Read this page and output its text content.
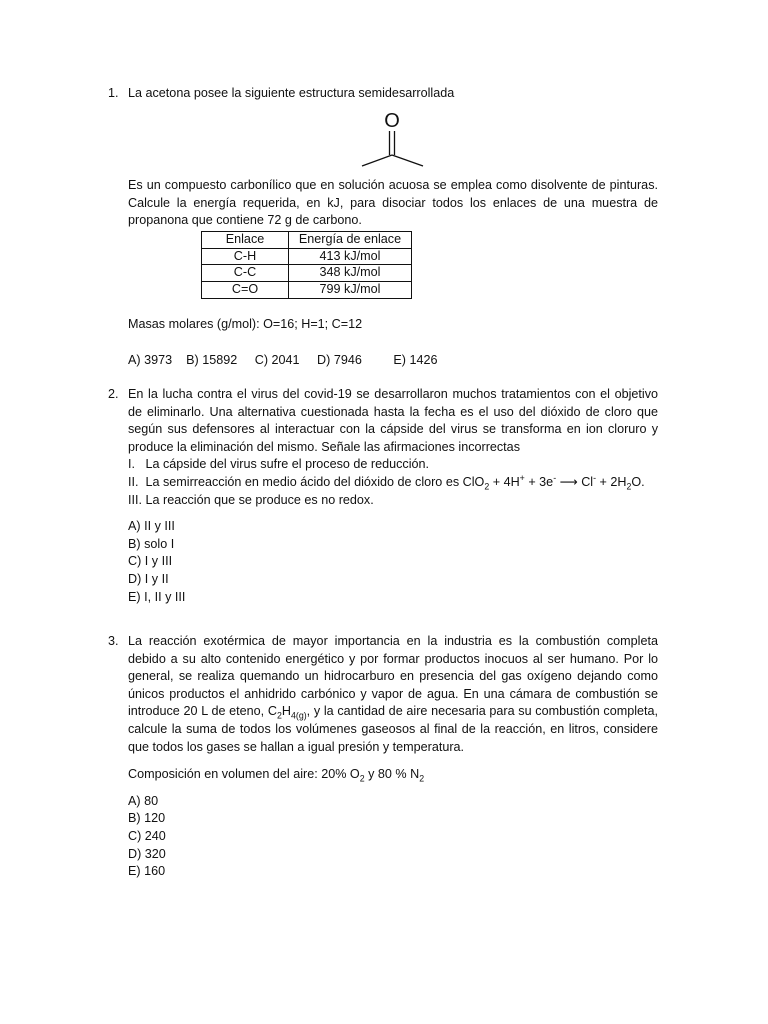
1. La acetona posee la siguiente estructura semidesarrollada

O

Es un compuesto carbonílico que en solución acuosa se emplea como disolvente de pinturas. Calcule la energía requerida, en kJ, para disociar todos los enlaces de una muestra de propanona que contiene 72 g de carbono.

Enlace	Energía de enlace
C-H	413 kJ/mol
C-C	348 kJ/mol
C=O	799 kJ/mol

Masas molares (g/mol): O=16; H=1; C=12

A) 3973 B) 15892 C) 2041 D) 7946	E) 1426

2. En la lucha contra el virus del covid-19 se desarrollaron muchos tratamientos con el objetivo de eliminarlo. Una alternativa cuestionada hasta la fecha es el uso del dióxido de cloro que según sus defensores al interactuar con la cápside del virus se transforma en ion cloruro y produce la eliminación del mismo. Señale las afirmaciones incorrectas

I.   La cápside del virus sufre el proceso de reducción.

II.  La semirreacción en medio ácido del dióxido de cloro es ClO$_2$ + 4H+ + 3e- ⟶ $Cl^- + 2H_2O$.

III. La reacción que se produce es no redox.

A) II y III

B) solo I

C) I y III

D) I y II

E) I, II y III

3. La reacción exotérmica de mayor importancia en la industria es la combustión completa debido a su alto contenido energético y por formar productos inocuos al ser humano. Por lo general, se realiza quemando un hidrocarburo en presencia del gas oxígeno dejando como únicos productos el anhidrido carbónico y vapor de agua. En una cámara de combustión se introduce 20 L de eteno, $C_2H_{4(g)}$, y la cantidad de aire necesaria para su combustión completa, calcule la suma de todos los volúmenes gaseosos al final de la reacción, en litros, considere que todos los gases se hallan a igual presión y temperatura.

Composición en volumen del aire: 20% $O_2$ y 80 % $N_2$

A) 80

B) 120

C) 240

D) 320

E) 160
